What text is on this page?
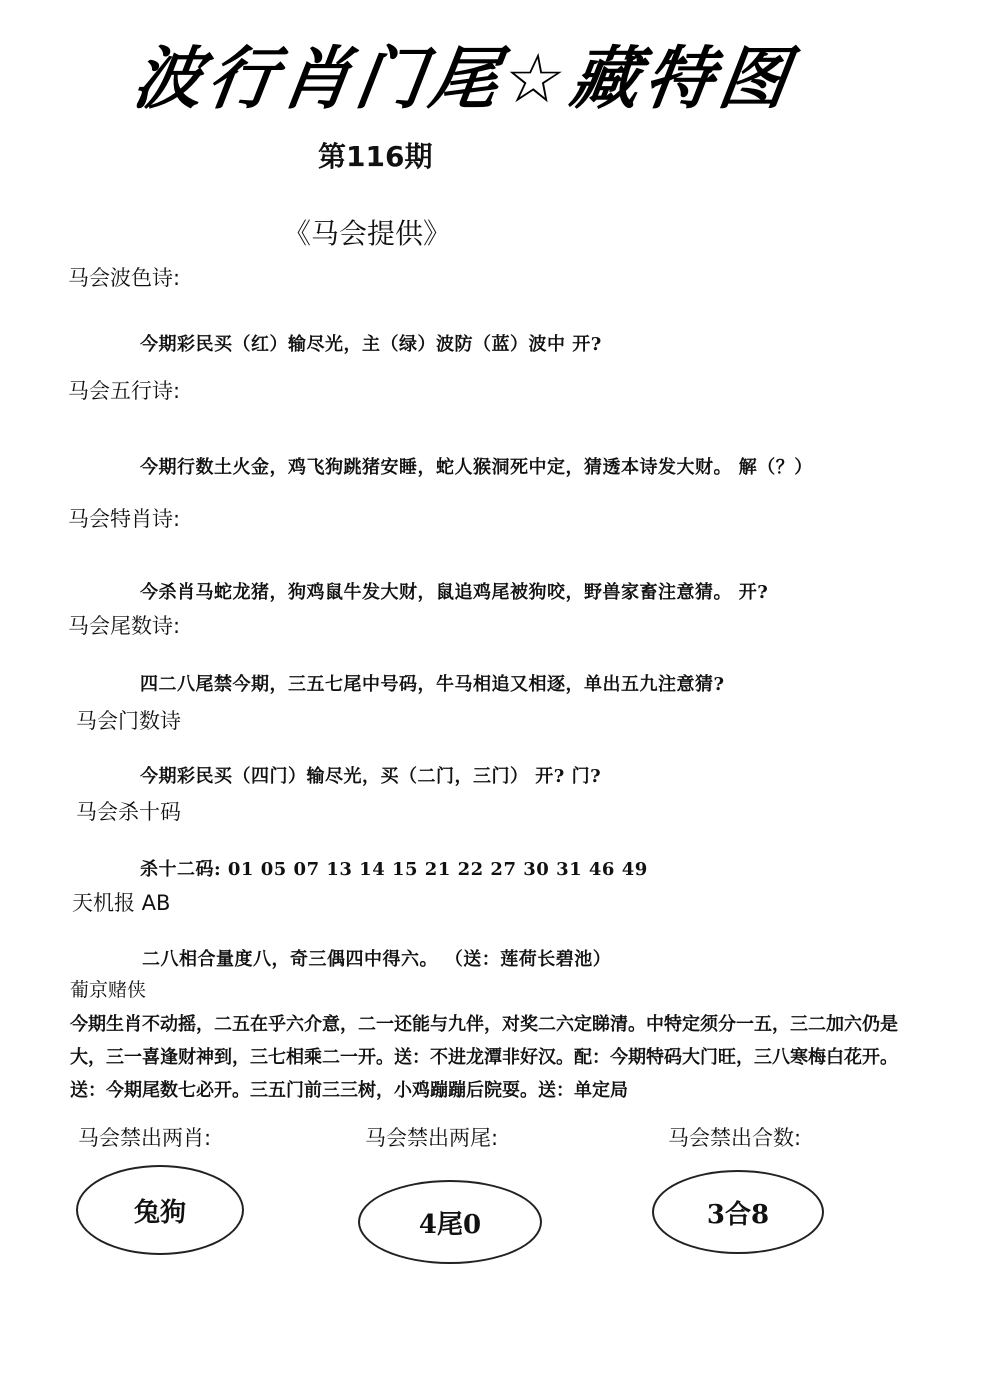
波行肖门尾☆藏特图
第116期
《马会提供》
马会波色诗:
今期彩民买（红）输尽光，主（绿）波防（蓝）波中 开?
马会五行诗:
今期行数土火金，鸡飞狗跳猪安睡，蛇人猴洞死中定，猜透本诗发大财。 解（？）
马会特肖诗:
今杀肖马蛇龙猪，狗鸡鼠牛发大财，鼠追鸡尾被狗咬，野兽家畜注意猜。 开?
马会尾数诗:
四二八尾禁今期，三五七尾中号码，牛马相追又相逐，单出五九注意猜?
马会门数诗
今期彩民买（四门）输尽光，买（二门，三门） 开? 门?
马会杀十码
杀十二码: 01 05 07 13 14 15 21 22 27 30 31 46 49
天机报 AB
二八相合量度八，奇三偶四中得六。 （送：莲荷长碧池）
葡京赌侠
今期生肖不动摇，二五在乎六介意，二一还能与九伴，对奖二六定睇清。中特定须分一五，三二加六仍是大，三一喜逢财神到，三七相乘二一开。送：不进龙潭非好汉。配：今期特码大门旺，三八寒梅白花开。送：今期尾数七必开。三五门前三三树，小鸡蹦蹦后院耍。送：单定局
马会禁出两肖:	马会禁出两尾:	马会禁出合数:
兔狗	4尾0	3合8
